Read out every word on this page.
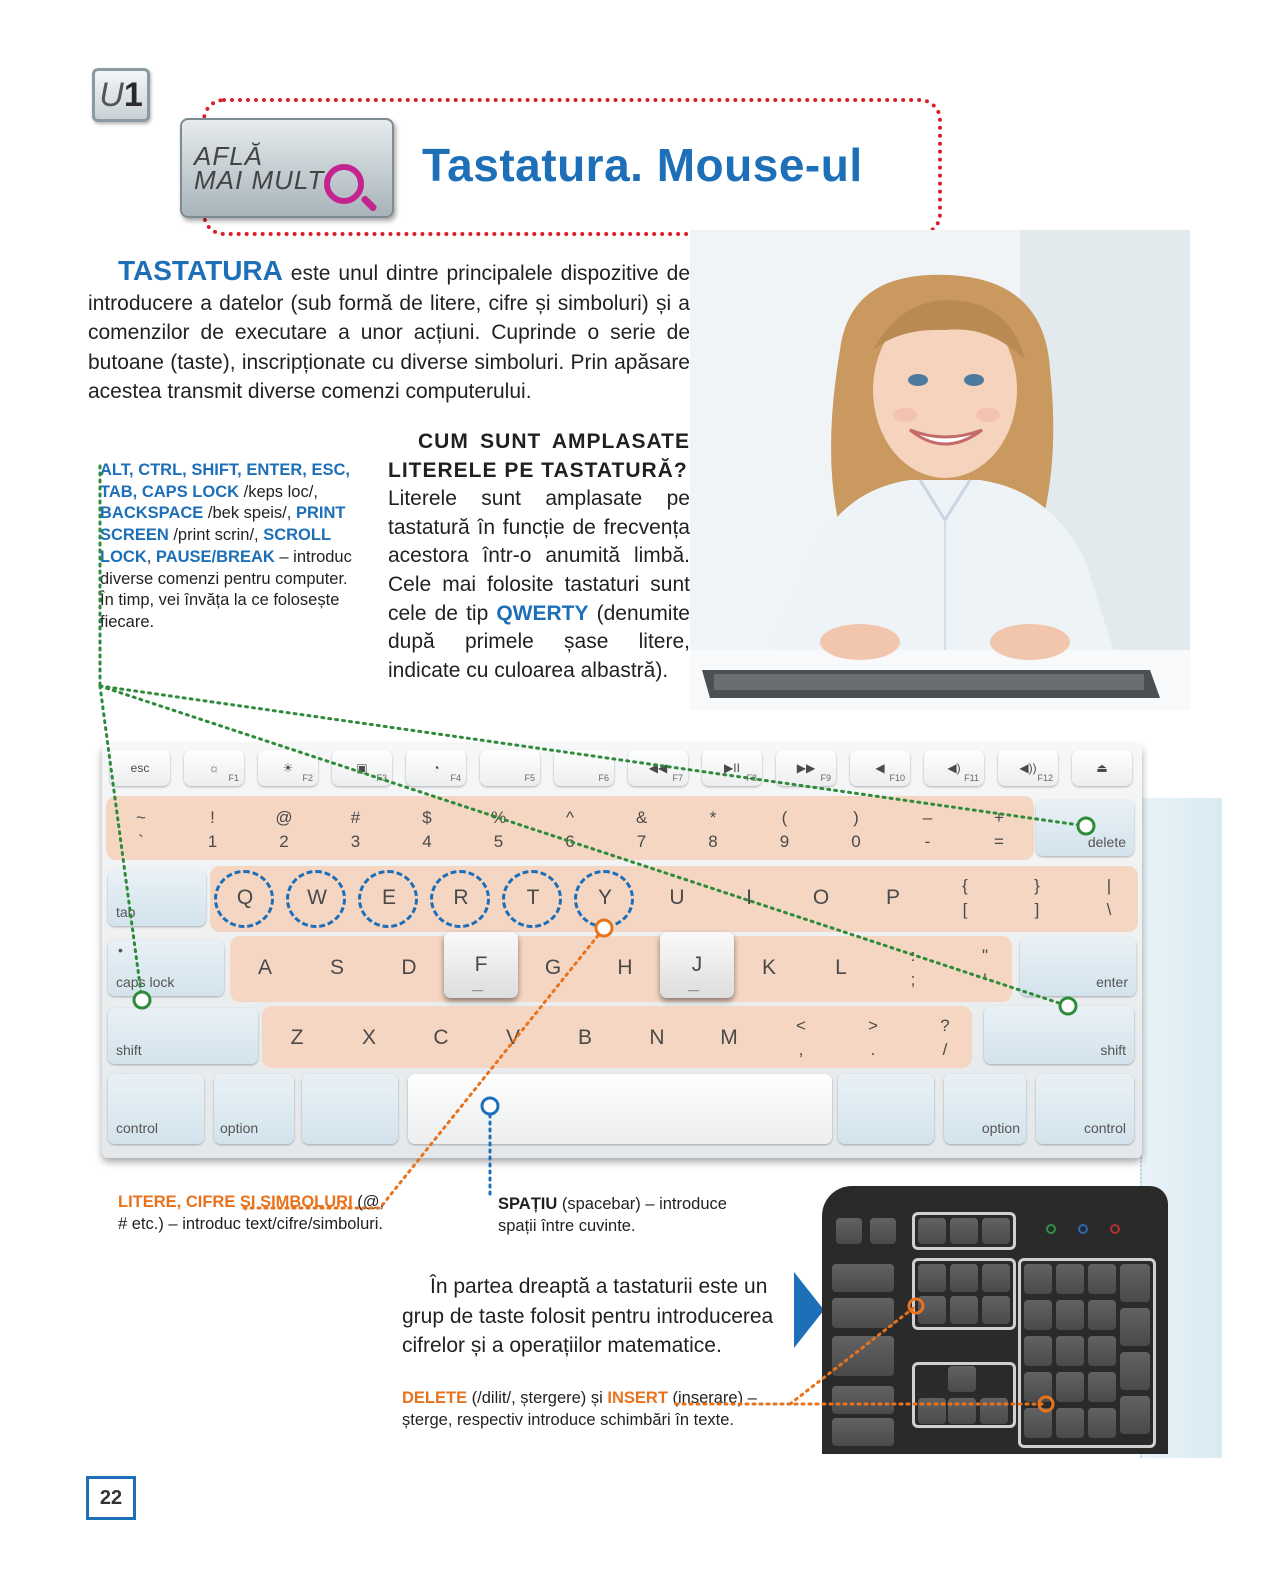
U 1
AFLĂ
MAI MULT Tastatura. Mouse-ul

TASTATURA este unul dintre principalele dispozitive de introducere a datelor (sub formă de litere, cifre și simboluri) și a comenzilor de executare a unor acțiuni. Cuprinde o serie de butoane (taste), inscripționate cu diverse simboluri. Prin apăsare acestea transmit diverse comenzi computerului.

CUM SUNT AMPLASATE LITERELE PE TASTATURĂ?
Literele sunt amplasate pe tastatură în funcție de frecvența acestora într-o anumită limbă. Cele mai folosite tastaturi sunt cele de tip QWERTY (denumite după primele șase litere, indicate cu culoarea albastră).
ALT, CTRL, SHIFT, ENTER, ESC, TAB, CAPS LOCK /keps loc/, BACKSPACE /bek speis/, PRINT SCREEN /print scrin/, SCROLL LOCK, PAUSE/BREAK – introduc diverse comenzi pentru computer. În timp, vei învăța la ce folosește fiecare.
esc	☼
F1
☀
F2
▣
F3
◔
F4	F5	F6
◀◀
F7
▶II
F8
▶▶
F9
◀
F10
◀)
F11
◀))
F12
⏏
~
`
!
1
@
2
#
3
$
4
%
5
^
6
&
7
*
8
(
9
)
0
–
-
+
=	delete
tab
Q	W	E	R	T	Y	U	I	O	P
{
[
}
]
|
\
caps lock
•
A	S	D	F
__
G	H	J
__
K	L
:
;
"
'	enter
shift
Z	X	C	V	B	N	M
<
,
>
.
?
/	shift
control	option	option	control
LITERE, CIFRE ȘI SIMBOLURI (@, # etc.) – introduc text/cifre/simboluri.
SPAȚIU (spacebar) – introduce spații între cuvinte.

În partea dreaptă a tastaturii este un grup de taste folosit pentru introducerea cifrelor și a operațiilor matematice.

DELETE (/dilit/, ștergere) și INSERT (inserare) – șterge, respectiv introduce schimbări în texte.
22
